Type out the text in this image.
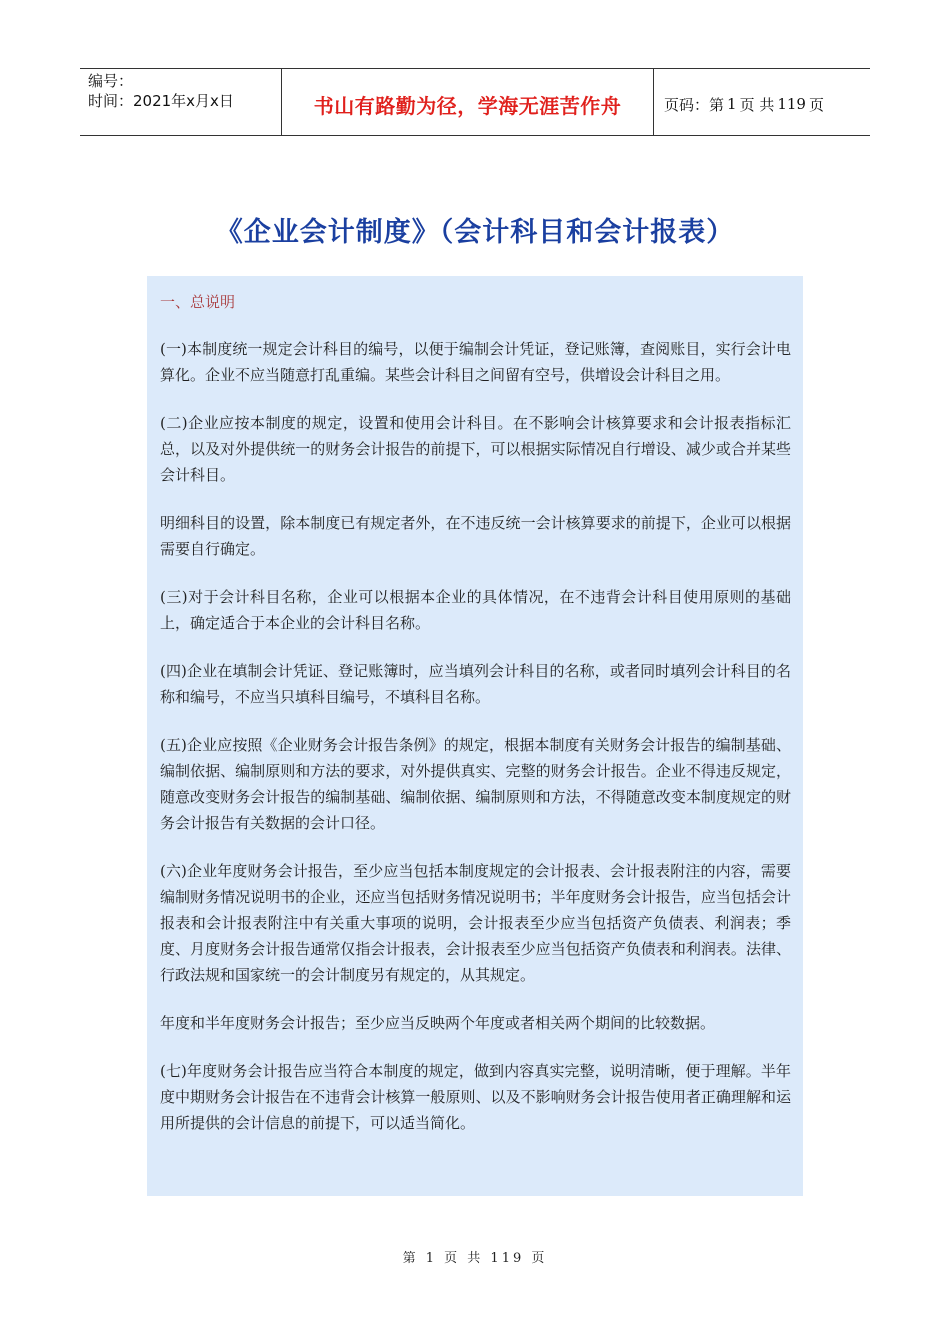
编号：
时间：2021年x月x日	书山有路勤为径，学海无涯苦作舟	页码：第 1 页 共 119 页
《企业会计制度》（会计科目和会计报表）
一、总说明

(一)本制度统一规定会计科目的编号，以便于编制会计凭证，登记账簿，查阅账目，实行会计电算化。企业不应当随意打乱重编。某些会计科目之间留有空号，供增设会计科目之用。

(二)企业应按本制度的规定，设置和使用会计科目。在不影响会计核算要求和会计报表指标汇总，以及对外提供统一的财务会计报告的前提下，可以根据实际情况自行增设、减少或合并某些会计科目。

明细科目的设置，除本制度已有规定者外，在不违反统一会计核算要求的前提下，企业可以根据需要自行确定。

(三)对于会计科目名称，企业可以根据本企业的具体情况，在不违背会计科目使用原则的基础上，确定适合于本企业的会计科目名称。

(四)企业在填制会计凭证、登记账簿时，应当填列会计科目的名称，或者同时填列会计科目的名称和编号，不应当只填科目编号，不填科目名称。

(五)企业应按照《企业财务会计报告条例》的规定，根据本制度有关财务会计报告的编制基础、编制依据、编制原则和方法的要求，对外提供真实、完整的财务会计报告。企业不得违反规定，随意改变财务会计报告的编制基础、编制依据、编制原则和方法，不得随意改变本制度规定的财务会计报告有关数据的会计口径。

(六)企业年度财务会计报告，至少应当包括本制度规定的会计报表、会计报表附注的内容，需要编制财务情况说明书的企业，还应当包括财务情况说明书；半年度财务会计报告，应当包括会计报表和会计报表附注中有关重大事项的说明，会计报表至少应当包括资产负债表、利润表；季度、月度财务会计报告通常仅指会计报表，会计报表至少应当包括资产负债表和利润表。法律、行政法规和国家统一的会计制度另有规定的，从其规定。

年度和半年度财务会计报告；至少应当反映两个年度或者相关两个期间的比较数据。

(七)年度财务会计报告应当符合本制度的规定，做到内容真实完整，说明清晰，便于理解。半年度中期财务会计报告在不违背会计核算一般原则、以及不影响财务会计报告使用者正确理解和运用所提供的会计信息的前提下，可以适当简化。

第 1 页 共 119 页
